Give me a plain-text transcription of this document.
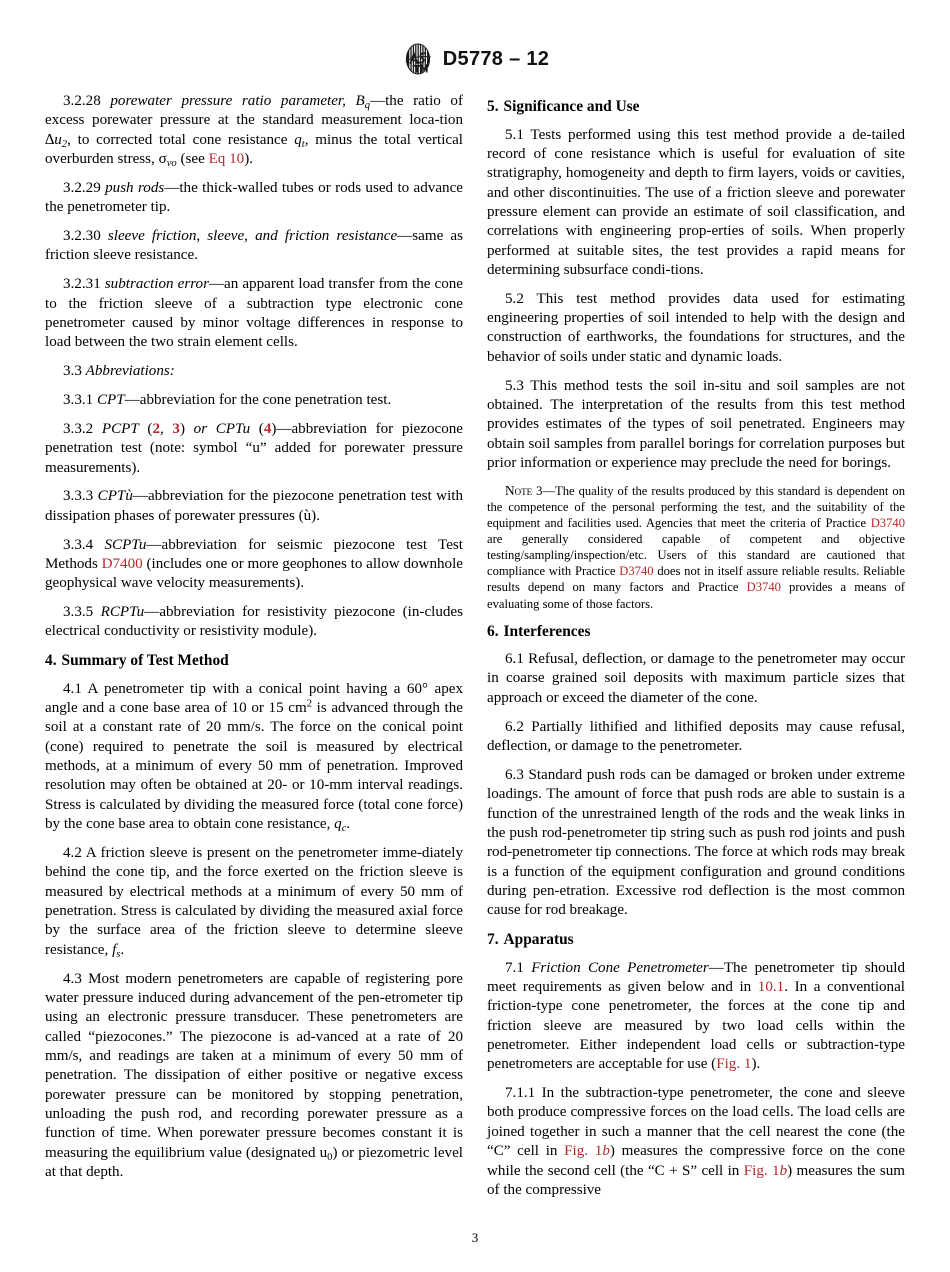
D5778 – 12

3.2.28 porewater pressure ratio parameter, $B_q—the$ ratio of excess porewater pressure at the standard measurement loca-tion $\Delta u_2$, to corrected total cone resistance $q_t$, minus the total vertical overburden stress, $\sigma_{vo}$ (see Eq 10).

3.2.29 push rods—the thick-walled tubes or rods used to advance the penetrometer tip.

3.2.30 sleeve friction, sleeve, and friction resistance—same as friction sleeve resistance.

3.2.31 subtraction error—an apparent load transfer from the cone to the friction sleeve of a subtraction type electronic cone penetrometer caused by minor voltage differences in response to load between the two strain element cells.

3.3 Abbreviations:

3.3.1 CPT—abbreviation for the cone penetration test.

3.3.2 PCPT (2, 3) or CPTu (4)—abbreviation for piezocone penetration test (note: symbol “u” added for porewater pressure measurements).

3.3.3 CPTù—abbreviation for the piezocone penetration test with dissipation phases of porewater pressures (ù).

3.3.4 SCPTu—abbreviation for seismic piezocone test Test Methods D7400 (includes one or more geophones to allow downhole geophysical wave velocity measurements).

3.3.5 RCPTu—abbreviation for resistivity piezocone (in-cludes electrical conductivity or resistivity module).

4. Summary of Test Method

4.1 A penetrometer tip with a conical point having a 60° apex angle and a cone base area of 10 or 15 $cm^2$ is advanced through the soil at a constant rate of 20 mm/s. The force on the conical point (cone) required to penetrate the soil is measured by electrical methods, at a minimum of every 50 mm of penetration. Improved resolution may often be obtained at 20- or 10-mm interval readings. Stress is calculated by dividing the measured force (total cone force) by the cone base area to obtain cone resistance, $q_c$.

4.2 A friction sleeve is present on the penetrometer imme-diately behind the cone tip, and the force exerted on the friction sleeve is measured by electrical methods at a minimum of every 50 mm of penetration. Stress is calculated by dividing the measured axial force by the surface area of the friction sleeve to determine sleeve resistance, $f_s$.

4.3 Most modern penetrometers are capable of registering pore water pressure induced during advancement of the pen-etrometer tip using an electronic pressure transducer. These penetrometers are called “piezocones.” The piezocone is ad-vanced at a rate of 20 mm/s, and readings are taken at a minimum of every 50 mm of penetration. The dissipation of either positive or negative excess porewater pressure can be monitored by stopping penetration, unloading the push rod, and recording porewater pressure as a function of time. When porewater pressure becomes constant it is measuring the equilibrium value (designated $u_0$) or piezometric level at that depth.

5. Significance and Use

5.1 Tests performed using this test method provide a de-tailed record of cone resistance which is useful for evaluation of site stratigraphy, homogeneity and depth to firm layers, voids or cavities, and other discontinuities. The use of a friction sleeve and porewater pressure element can provide an estimate of soil classification, and correlations with engineering prop-erties of soils. When properly performed at suitable sites, the test provides a rapid means for determining subsurface condi-tions.

5.2 This test method provides data used for estimating engineering properties of soil intended to help with the design and construction of earthworks, the foundations for structures, and the behavior of soils under static and dynamic loads.

5.3 This method tests the soil in-situ and soil samples are not obtained. The interpretation of the results from this test method provides estimates of the types of soil penetrated. Engineers may obtain soil samples from parallel borings for correlation purposes but prior information or experience may preclude the need for borings.

Note 3—The quality of the results produced by this standard is dependent on the competence of the personal performing the test, and the suitability of the equipment and facilities used. Agencies that meet the criteria of Practice D3740 are generally considered capable of competent and objective testing/sampling/inspection/etc. Users of this standard are cautioned that compliance with Practice D3740 does not in itself assure reliable results. Reliable results depend on many factors and Practice D3740 provides a means of evaluating some of those factors.

6. Interferences

6.1 Refusal, deflection, or damage to the penetrometer may occur in coarse grained soil deposits with maximum particle sizes that approach or exceed the diameter of the cone.

6.2 Partially lithified and lithified deposits may cause refusal, deflection, or damage to the penetrometer.

6.3 Standard push rods can be damaged or broken under extreme loadings. The amount of force that push rods are able to sustain is a function of the unrestrained length of the rods and the weak links in the push rod-penetrometer tip string such as push rod joints and push rod-penetrometer tip connections. The force at which rods may break is a function of the equipment configuration and ground conditions during pen-etration. Excessive rod deflection is the most common cause for rod breakage.

7. Apparatus

7.1 Friction Cone Penetrometer—The penetrometer tip should meet requirements as given below and in 10.1. In a conventional friction-type cone penetrometer, the forces at the cone tip and friction sleeve are measured by two load cells within the penetrometer. Either independent load cells or subtraction-type penetrometers are acceptable for use (Fig. 1).

7.1.1 In the subtraction-type penetrometer, the cone and sleeve both produce compressive forces on the load cells. The load cells are joined together in such a manner that the cell nearest the cone (the “C” cell in Fig. 1b) measures the compressive force on the cone while the second cell (the “C + S” cell in Fig. 1b) measures the sum of the compressive

3
